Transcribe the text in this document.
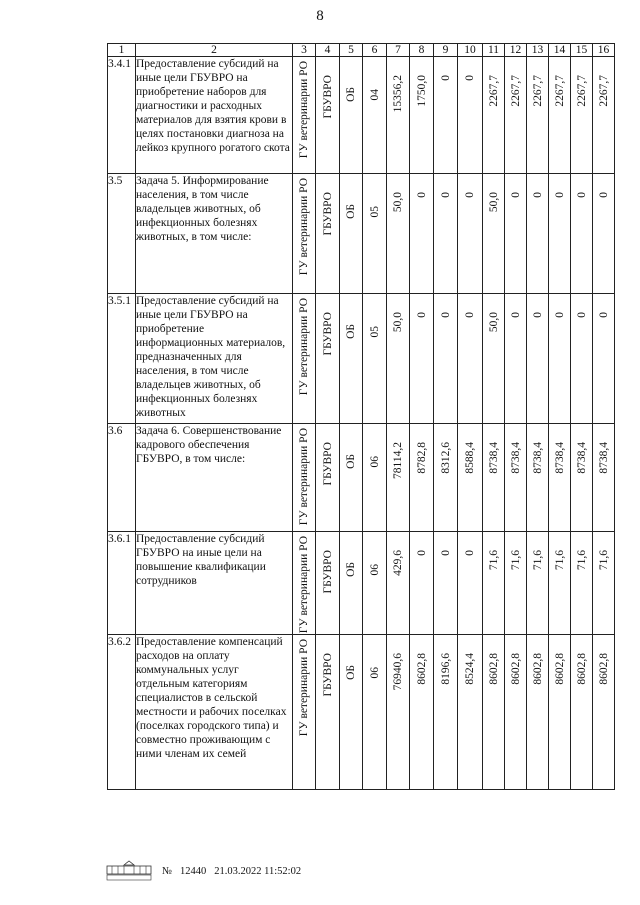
8
1	2	3	4	5	6	7	8	9	10	11	12	13	14	15	16
3.4.1	Предоставление субсидий на иные цели ГБУВРО на приобретение наборов для диагностики и расходных материалов для взятия крови в целях постановки диагноза на лейкоз крупного рогатого скота	ГУ ветеринарии РО	ГБУВРО	ОБ	04	15356,2	1750,0	0	0	2267,7	2267,7	2267,7	2267,7	2267,7	2267,7

3.5	Задача 5. Информирование населения, в том числе владельцев животных, об инфекционных болезнях животных, в том числе:	ГУ ветеринарии РО	ГБУВРО	ОБ	05	50,0	0	0	0	50,0	0	0	0	0	0

3.5.1	Предоставление субсидий на иные цели ГБУВРО на приобретение информационных материалов, предназначенных для населения, в том числе владельцев животных, об инфекционных болезнях животных	ГУ ветеринарии РО	ГБУВРО	ОБ	05	50,0	0	0	0	50,0	0	0	0	0	0

3.6	Задача 6. Совершенствование кадрового обеспечения ГБУВРО, в том числе:	ГУ ветеринарии РО	ГБУВРО	ОБ	06	78114,2	8782,8	8312,6	8588,4	8738,4	8738,4	8738,4	8738,4	8738,4	8738,4

3.6.1	Предоставление субсидий ГБУВРО на иные цели на повышение квалификации сотрудников	ГУ ветеринарии РО	ГБУВРО	ОБ	06	429,6	0	0	0	71,6	71,6	71,6	71,6	71,6	71,6

3.6.2	Предоставление компенсаций расходов на оплату коммунальных услуг отдельным категориям специалистов в сельской местности и рабочих поселках (поселках городского типа) и совместно проживающим с ними членам их семей	ГУ ветеринарии РО	ГБУВРО	ОБ	06	76940,6	8602,8	8196,6	8524,4	8602,8	8602,8	8602,8	8602,8	8602,8	8602,8
№ 12440 21.03.2022 11:52:02
